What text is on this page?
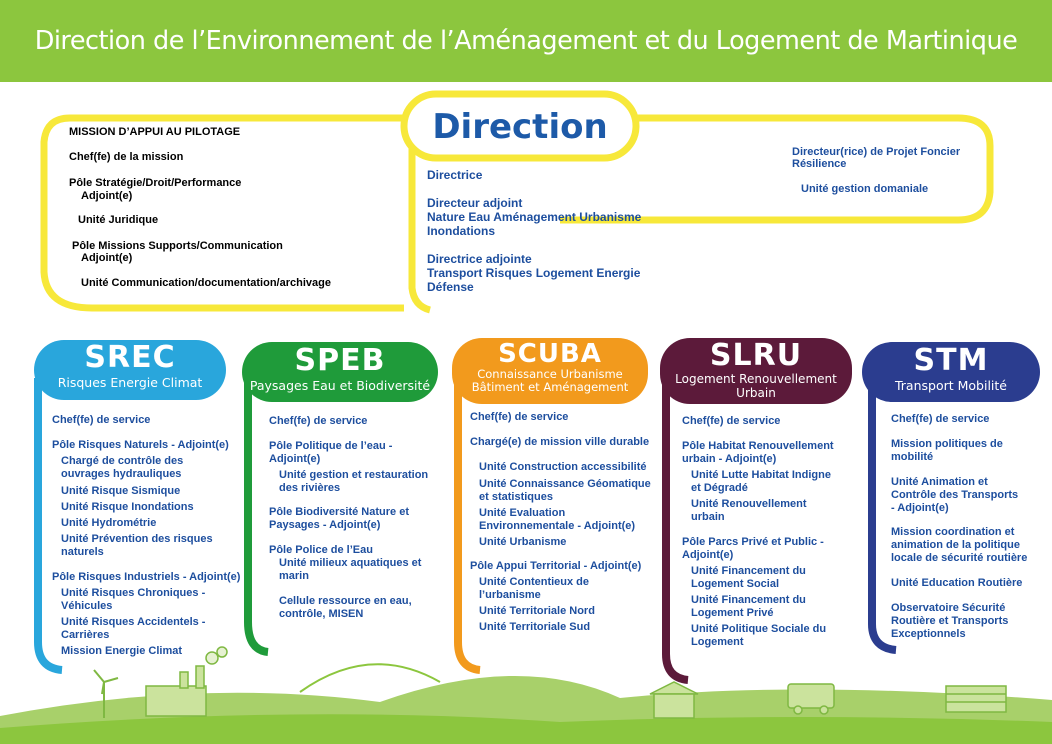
Direction de l’Environnement de l’Aménagement et du Logement de Martinique
Direction
MISSION D’APPUI AU PILOTAGE
Chef(fe) de la mission
Pôle Stratégie/Droit/Performance
Adjoint(e)
Unité Juridique
Pôle Missions Supports/Communication
Adjoint(e)
Unité Communication/documentation/archivage
Directrice
Directeur adjoint
Nature Eau Aménagement Urbanisme
Inondations
Directrice adjointe
Transport Risques Logement Energie
Défense
Directeur(rice) de Projet Foncier
Résilience
Unité gestion domaniale
SREC
Risques Energie Climat
SPEB
Paysages Eau et Biodiversité
SCUBA
Connaissance Urbanisme
Bâtiment et Aménagement
SLRU
Logement Renouvellement
Urbain
STM
Transport Mobilité
Chef(fe) de service
Pôle Risques Naturels - Adjoint(e)
Chargé de contrôle des
ouvrages hydrauliques
Unité Risque Sismique
Unité Risque Inondations
Unité Hydrométrie
Unité Prévention des risques
naturels
Pôle Risques Industriels - Adjoint(e)
Unité Risques Chroniques -
Véhicules
Unité Risques Accidentels -
Carrières
Mission Energie Climat
Chef(fe) de service
Pôle Politique de l’eau -
Adjoint(e)
Unité gestion et restauration
des rivières
Pôle Biodiversité Nature et
Paysages - Adjoint(e)
Pôle Police de l’Eau
Unité milieux aquatiques et
marin
Cellule ressource en eau,
contrôle, MISEN
Chef(fe) de service
Chargé(e) de mission ville durable
Unité Construction accessibilité
Unité Connaissance Géomatique
et statistiques
Unité Evaluation
Environnementale - Adjoint(e)
Unité Urbanisme
Pôle Appui Territorial - Adjoint(e)
Unité Contentieux de
l’urbanisme
Unité Territoriale Nord
Unité Territoriale Sud
Chef(fe) de service
Pôle Habitat Renouvellement
urbain - Adjoint(e)
Unité Lutte Habitat Indigne
et Dégradé
Unité Renouvellement
urbain
Pôle Parcs Privé et Public -
Adjoint(e)
Unité Financement du
Logement Social
Unité Financement du
Logement Privé
Unité Politique Sociale du
Logement
Chef(fe) de service
Mission politiques de
mobilité
Unité Animation et
Contrôle des Transports
- Adjoint(e)
Mission coordination et
animation de la politique
locale de sécurité routière
Unité Education Routière
Observatoire Sécurité
Routière et Transports
Exceptionnels
